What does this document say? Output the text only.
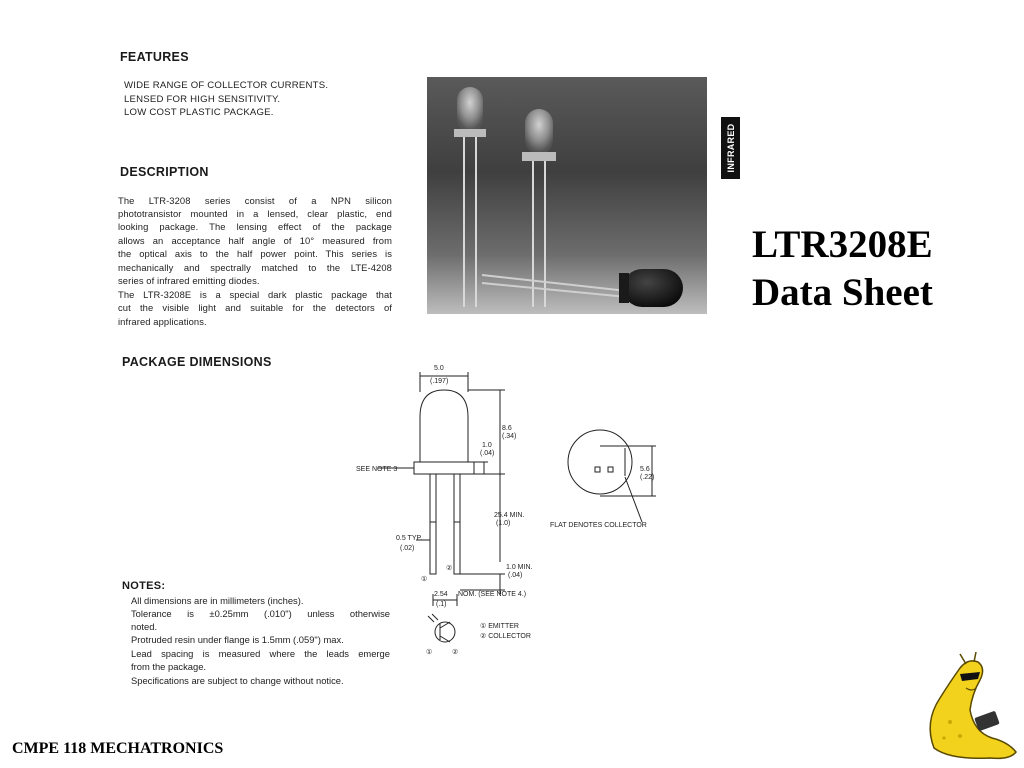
FEATURES
WIDE RANGE OF COLLECTOR CURRENTS.
LENSED FOR HIGH SENSITIVITY.
LOW COST PLASTIC PACKAGE.
DESCRIPTION
The LTR-3208 series consist of a NPN silicon
phototransistor mounted in a lensed, clear plastic, end
looking package. The lensing effect of the package
allows an acceptance half angle of 10° measured from
the optical axis to the half power point. This series is
mechanically and spectrally matched to the LTE-4208
series of infrared emitting diodes.
The LTR-3208E is a special dark plastic package that
cut the visible light and suitable for the detectors of
infrared applications.
PACKAGE DIMENSIONS
NOTES:
All dimensions are in millimeters (inches).
Tolerance is ±0.25mm (.010") unless otherwise
noted.
Protruded resin under flange is 1.5mm (.059") max.
Lead spacing is measured where the leads emerge
from the package.
Specifications are subject to change without notice.
INFRARED
LTR3208E
Data Sheet
5.0
(.197)
8.6
(.34)
1.0
(.04)
SEE NOTE 3
25.4 MIN.
(1.0)
0.5 TYP.
(.02)
1.0 MIN.
(.04)
2.54
(.1)
NOM. (SEE NOTE 4.)
5.6
(.22)
FLAT DENOTES COLLECTOR
①
②
①	②
① EMITTER
② COLLECTOR
CMPE 118 MECHATRONICS
